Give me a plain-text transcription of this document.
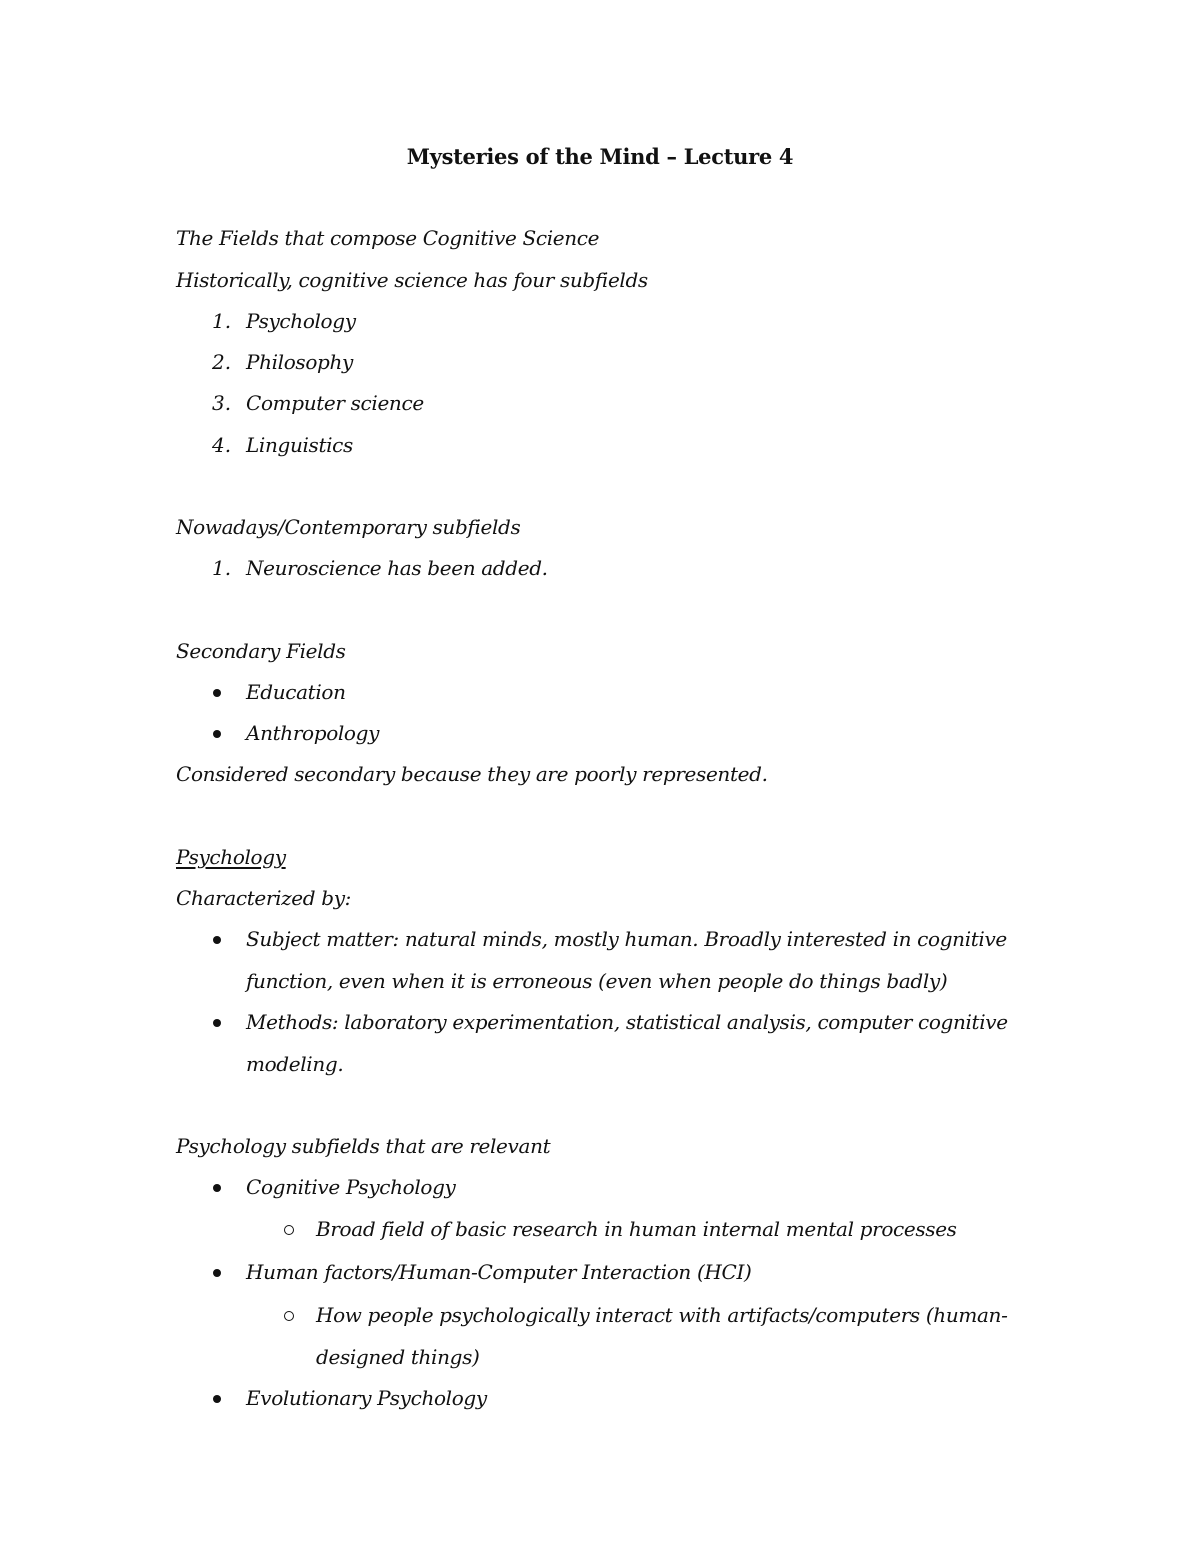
Mysteries of the Mind – Lecture 4
The Fields that compose Cognitive Science
Historically, cognitive science has four subfields
1. Psychology
2. Philosophy
3. Computer science
4. Linguistics
Nowadays/Contemporary subfields
1. Neuroscience has been added.
Secondary Fields
Education
Anthropology
Considered secondary because they are poorly represented.
Psychology
Characterized by:
Subject matter: natural minds, mostly human. Broadly interested in cognitive
function, even when it is erroneous (even when people do things badly)
Methods: laboratory experimentation, statistical analysis, computer cognitive
modeling.
Psychology subfields that are relevant
Cognitive Psychology
Broad field of basic research in human internal mental processes
Human factors/Human-Computer Interaction (HCI)
How people psychologically interact with artifacts/computers (human-
designed things)
Evolutionary Psychology
